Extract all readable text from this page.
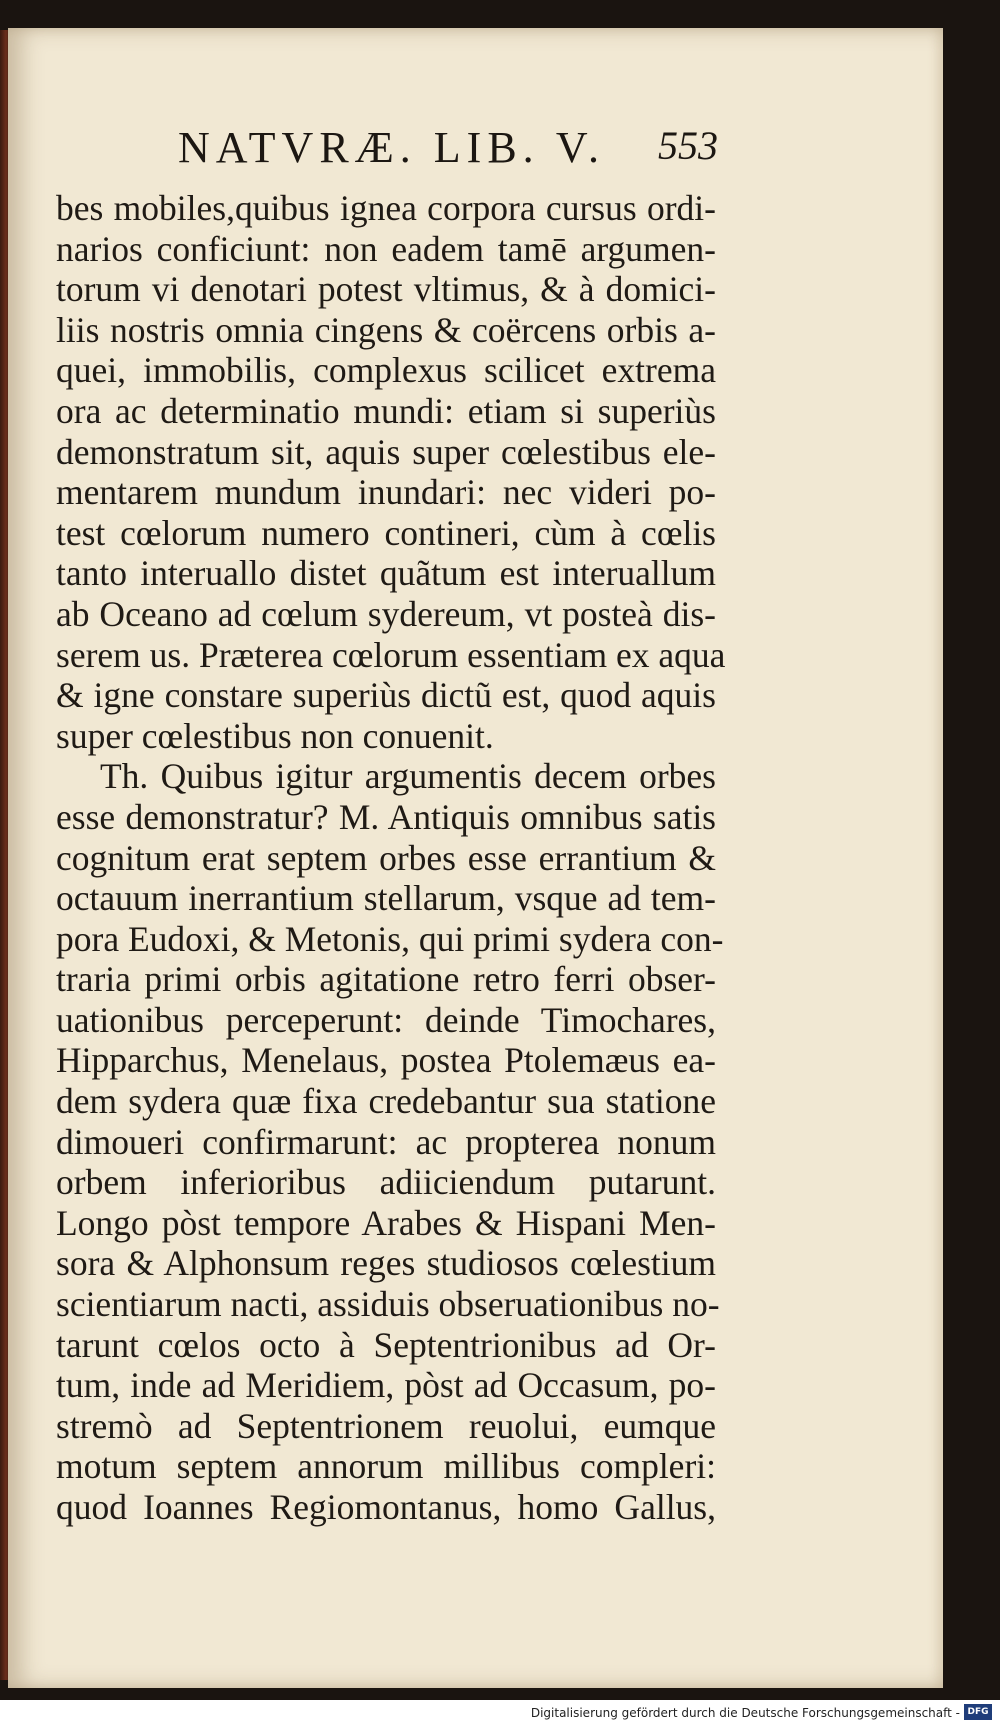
NATVRÆ. LIB. V. 553
bes mobiles,quibus ignea corpora cursus ordi-
narios conficiunt: non eadem tamē argumen-
torum vi denotari potest vltimus, & à domici-
liis nostris omnia cingens & coërcens orbis a-
quei, immobilis, complexus scilicet extrema
ora ac determinatio mundi: etiam si superiùs
demonstratum sit, aquis super cœlestibus ele-
mentarem mundum inundari: nec videri po-
test cœlorum numero contineri, cùm à cœlis
tanto interuallo distet quãtum est interuallum
ab Oceano ad cœlum sydereum, vt posteà dis-
serem us. Præterea cœlorum essentiam ex aqua
& igne constare superiùs dictũ est, quod aquis
super cœlestibus non conuenit.
Th. Quibus igitur argumentis decem orbes
esse demonstratur? M. Antiquis omnibus satis
cognitum erat septem orbes esse errantium &
octauum inerrantium stellarum, vsque ad tem-
pora Eudoxi, & Metonis, qui primi sydera con-
traria primi orbis agitatione retro ferri obser-
uationibus perceperunt: deinde Timochares,
Hipparchus, Menelaus, postea Ptolemæus ea-
dem sydera quæ fixa credebantur sua statione
dimoueri confirmarunt: ac propterea nonum
orbem inferioribus adiiciendum putarunt.
Longo pòst tempore Arabes & Hispani Men-
sora & Alphonsum reges studiosos cœlestium
scientiarum nacti, assiduis obseruationibus no-
tarunt cœlos octo à Septentrionibus ad Or-
tum, inde ad Meridiem, pòst ad Occasum, po-
stremò ad Septentrionem reuolui, eumque
motum septem annorum millibus compleri:
quod Ioannes Regiomontanus, homo Gallus,
Digitalisierung gefördert durch die Deutsche Forschungsgemeinschaft - DFG
